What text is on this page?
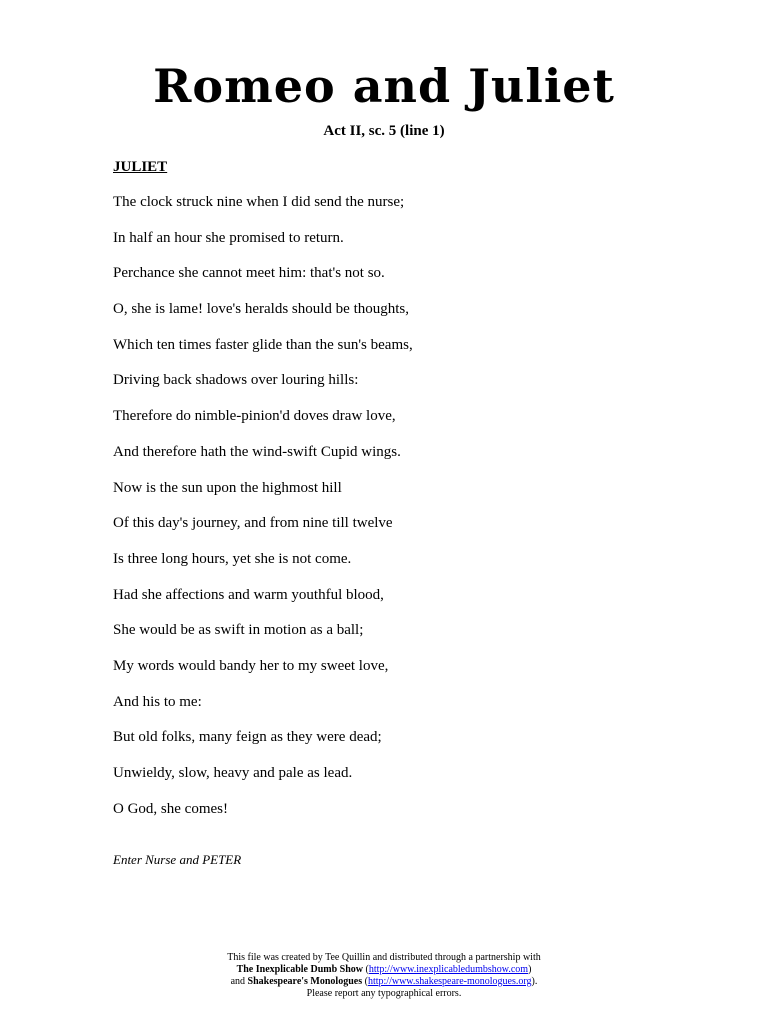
Romeo and Juliet
Act II, sc. 5 (line 1)
JULIET
The clock struck nine when I did send the nurse;
In half an hour she promised to return.
Perchance she cannot meet him: that's not so.
O, she is lame! love's heralds should be thoughts,
Which ten times faster glide than the sun's beams,
Driving back shadows over louring hills:
Therefore do nimble-pinion'd doves draw love,
And therefore hath the wind-swift Cupid wings.
Now is the sun upon the highmost hill
Of this day's journey, and from nine till twelve
Is three long hours, yet she is not come.
Had she affections and warm youthful blood,
She would be as swift in motion as a ball;
My words would bandy her to my sweet love,
And his to me:
But old folks, many feign as they were dead;
Unwieldy, slow, heavy and pale as lead.
O God, she comes!
Enter Nurse and PETER
This file was created by Tee Quillin and distributed through a partnership with
The Inexplicable Dumb Show (http://www.inexplicabledumbshow.com)
and Shakespeare's Monologues (http://www.shakespeare-monologues.org).
Please report any typographical errors.
